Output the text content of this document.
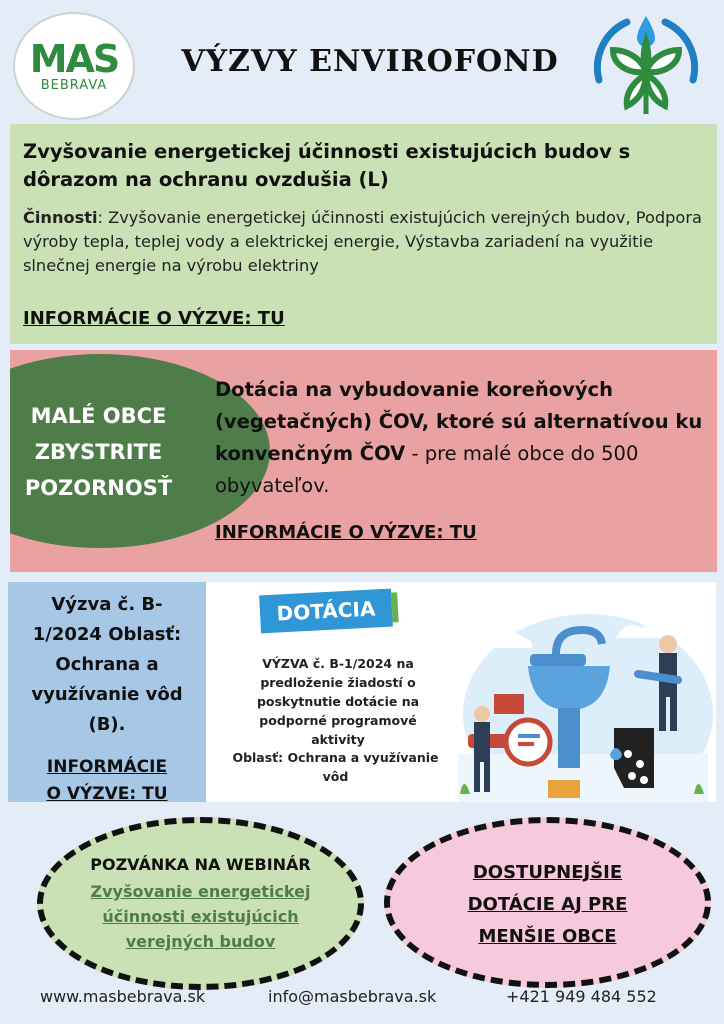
MAS
BEBRAVA
VÝZVY ENVIROFOND
Zvyšovanie energetickej účinnosti existujúcich budov s dôrazom na ochranu ovzdušia (L)
Činnosti: Zvyšovanie energetickej účinnosti existujúcich verejných budov, Podpora výroby tepla, teplej vody a elektrickej energie, Výstavba zariadení na využitie slnečnej energie na výrobu elektriny
INFORMÁCIE O VÝZVE: TU
MALÉ OBCE ZBYSTRITE POZORNOSŤ
Dotácia na vybudovanie koreňových (vegetačných) ČOV, ktoré sú alternatívou ku konvenčným ČOV - pre malé obce do 500 obyvateľov.
INFORMÁCIE O VÝZVE: TU
Výzva č. B-1/2024 Oblasť: Ochrana a využívanie vôd (B).
INFORMÁCIE O VÝZVE: TU
DOTÁCIA
VÝZVA č. B-1/2024 na predloženie žiadostí o poskytnutie dotácie na podporné programové aktivity
Oblasť: Ochrana a využívanie vôd
POZVÁNKA NA WEBINÁR
Zvyšovanie energetickej účinnosti existujúcich verejných budov
DOSTUPNEJŠIE DOTÁCIE AJ PRE MENŠIE OBCE
www.masbebrava.sk	info@masbebrava.sk	+421 949 484 552
